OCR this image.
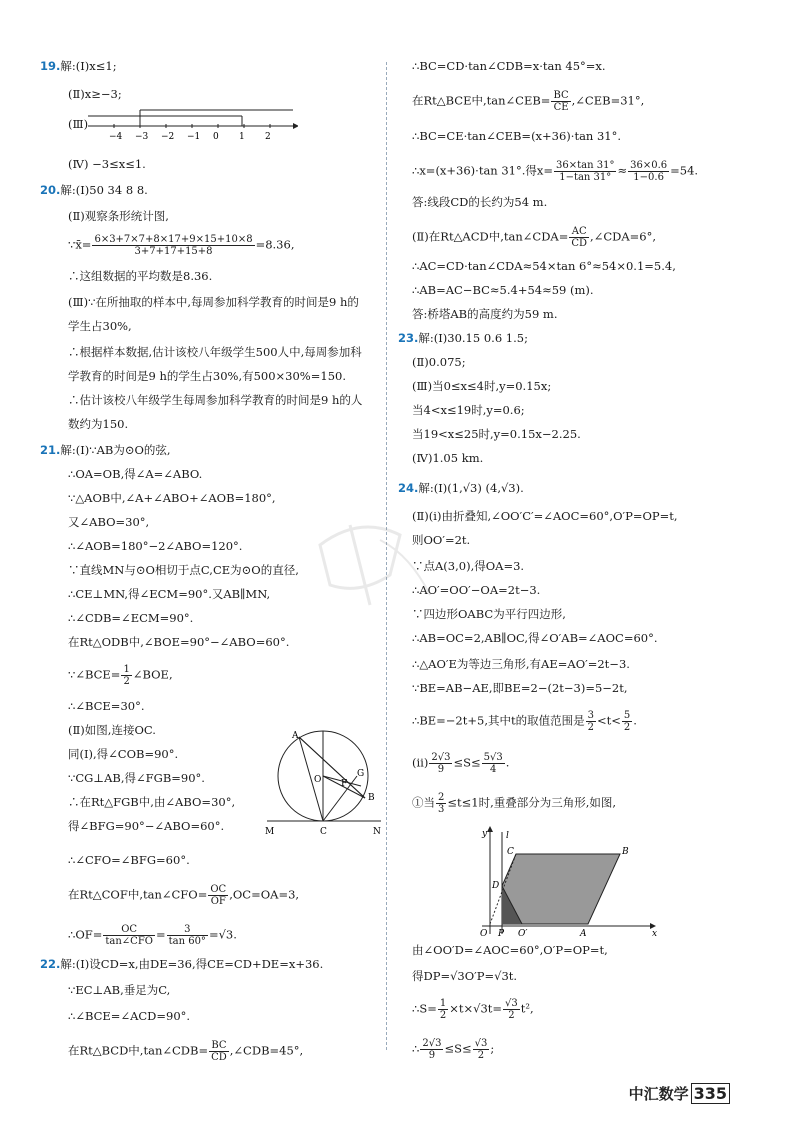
19.解:(Ⅰ)x≤1;
(Ⅱ)x≥−3;
(Ⅲ)
−4 −3 −2 −1 0 1 2
(Ⅳ) −3≤x≤1.
20.解:(Ⅰ)50 34 8 8.
(Ⅱ)观察条形统计图,
∵x̄= $\frac{6\times 3+7\times 7+8\times 17+9\times 15+10\times 8}{3+7+17+15+8} =8.36$,
∴这组数据的平均数是8.36.
(Ⅲ)∵在所抽取的样本中,每周参加科学教育的时间是9 h的
学生占30%,
∴根据样本数据,估计该校八年级学生500人中,每周参加科
学教育的时间是9 h的学生占30%,有500×30%=150.
∴估计该校八年级学生每周参加科学教育的时间是9 h的人
数约为150.
21.解:(Ⅰ)∵AB为⊙O的弦,
∴OA=OB,得∠A=∠ABO.
∵△AOB中,∠A+∠ABO+∠AOB=180°,
又∠ABO=30°,
∴∠AOB=180°−2∠ABO=120°.
∵直线MN与⊙O相切于点C,CE为⊙O的直径,
∴CE⊥MN,得∠ECM=90°.又AB∥MN,
∴∠CDB=∠ECM=90°.
在Rt△ODB中,∠BOE=90°−∠ABO=60°.
∵∠BCE= $\frac{1}{2}$ ∠BOE,
∴∠BCE=30°.
(Ⅱ)如图,连接OC.
同(Ⅰ),得∠COB=90°.
∵CG⊥AB,得∠FGB=90°.
∴在Rt△FGB中,由∠ABO=30°,
得∠BFG=90°−∠ABO=60°.
∴∠CFO=∠BFG=60°.
在Rt△COF中,tan∠CFO= $\frac{OC}{OF} ,OC=OA=3$,
∴OF= $\frac{OC}{\text{tan∠CFO}} = \frac{3}{\tan 60^\circ} =√3$.
A
O F
G
B
M	C	N
22.解:(Ⅰ)设CD=x,由DE=36,得CE=CD+DE=x+36.
∵EC⊥AB,垂足为C,
∴∠BCE=∠ACD=90°.
在Rt△BCD中,tan∠CDB= $\frac{BC}{CD}$ ,∠CDB=45°,
∴BC=CD·tan∠CDB=x·tan 45°=x.
在Rt△BCE中,tan∠CEB= $\frac{BC}{CE}$ ,∠CEB=31°,
∴BC=CE·tan∠CEB=(x+36)·tan 31°.
∴x=(x+36)·tan 31°.得$x= \frac{36\times\tan 31^\circ}{1-\tan 31^\circ} \approx \frac{36\times 0.6}{1-0.6} =54$.
答:线段CD的长约为54 m.
(Ⅱ)在Rt△ACD中,tan∠CDA= $\frac{AC}{CD}$ ,∠CDA=6°,
∴AC=CD·tan∠CDA≈54×tan 6°≈54×0.1=5.4,
∴AB=AC−BC≈5.4+54≈59 (m).
答:桥塔AB的高度约为59 m.
23.解:(Ⅰ)30.15 0.6 1.5;
(Ⅱ)0.075;
(Ⅲ)当0≤x≤4时,y=0.15x;
当4<x≤19时,y=0.6;
当19<x≤25时,y=0.15x−2.25.
(Ⅳ)1.05 km.
24.解:(Ⅰ)(1,√3) (4,√3).
(Ⅱ)(ⅰ)由折叠知,∠OO′C′=∠AOC=60°,O′P=OP=t,
则OO′=2t.
∵点A(3,0),得OA=3.
∴AO′=OO′−OA=2t−3.
∵四边形OABC为平行四边形,
∴AB=OC=2,AB∥OC,得∠O′AB=∠AOC=60°.
∴△AO′E为等边三角形,有AE=AO′=2t−3.
∵BE=AB−AE,即BE=2−(2t−3)=5−2t,
∴BE=−2t+5,其中t的取值范围是 $\frac{3}{2} <t< \frac{5}{2}$ .
(ⅱ) $\frac{2√3}{9} \le S\le \frac{5√3}{4}$ .
①当 $\frac{2}{3} \le t\le 1$时,重叠部分为三角形,如图,
y l
C	B
D
O P O′	A	x
由∠OO′D=∠AOC=60°,O′P=OP=t,
得DP=√3O′P=√3t.
∴S= $\frac{1}{2} \times t\times√3t= \frac{√3}{2} t^2$,
∴ $\frac{2√3}{9} \le S\le \frac{√3}{2}$ ;
中汇数学 335
